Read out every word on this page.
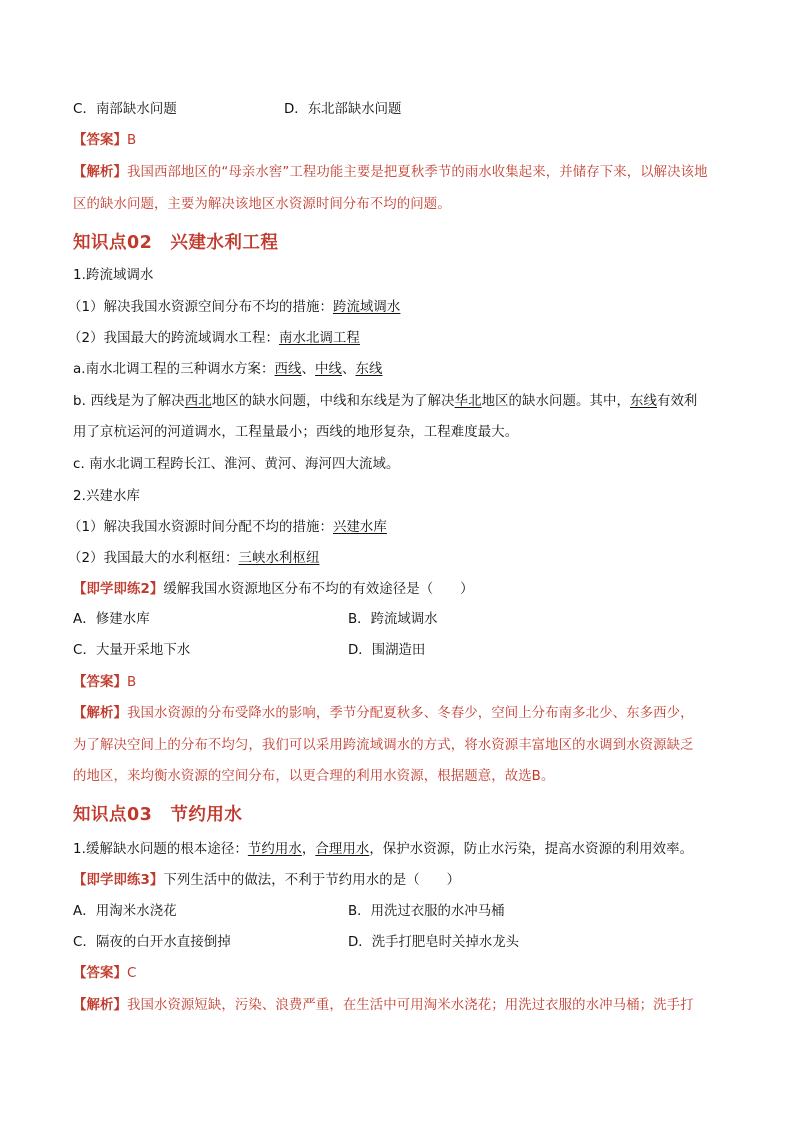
C．南部缺水问题	D．东北部缺水问题
【答案】B
【解析】我国西部地区的“母亲水窖”工程功能主要是把夏秋季节的雨水收集起来，并储存下来，以解决该地
区的缺水问题，主要为解决该地区水资源时间分布不均的问题。
知识点02　兴建水利工程
1.跨流域调水
（1）解决我国水资源空间分布不均的措施：跨流域调水
（2）我国最大的跨流域调水工程：南水北调工程
a.南水北调工程的三种调水方案：西线、中线、东线
b. 西线是为了解决西北地区的缺水问题，中线和东线是为了解决华北地区的缺水问题。其中，东线有效利
用了京杭运河的河道调水，工程量最小；西线的地形复杂，工程难度最大。
c. 南水北调工程跨长江、淮河、黄河、海河四大流域。
2.兴建水库
（1）解决我国水资源时间分配不均的措施：兴建水库
（2）我国最大的水利枢纽：三峡水利枢纽
【即学即练2】缓解我国水资源地区分布不均的有效途径是（　　）
A．修建水库	B．跨流域调水
C．大量开采地下水	D．围湖造田
【答案】B
【解析】我国水资源的分布受降水的影响，季节分配夏秋多、冬春少，空间上分布南多北少、东多西少，
为了解决空间上的分布不均匀，我们可以采用跨流域调水的方式，将水资源丰富地区的水调到水资源缺乏
的地区，来均衡水资源的空间分布，以更合理的利用水资源，根据题意，故选B。
知识点03　节约用水
1.缓解缺水问题的根本途径：节约用水，合理用水，保护水资源，防止水污染，提高水资源的利用效率。
【即学即练3】下列生活中的做法，不利于节约用水的是（　　）
A．用淘米水浇花	B．用洗过衣服的水冲马桶
C．隔夜的白开水直接倒掉	D．洗手打肥皂时关掉水龙头
【答案】C
【解析】我国水资源短缺，污染、浪费严重，在生活中可用淘米水浇花；用洗过衣服的水冲马桶；洗手打
